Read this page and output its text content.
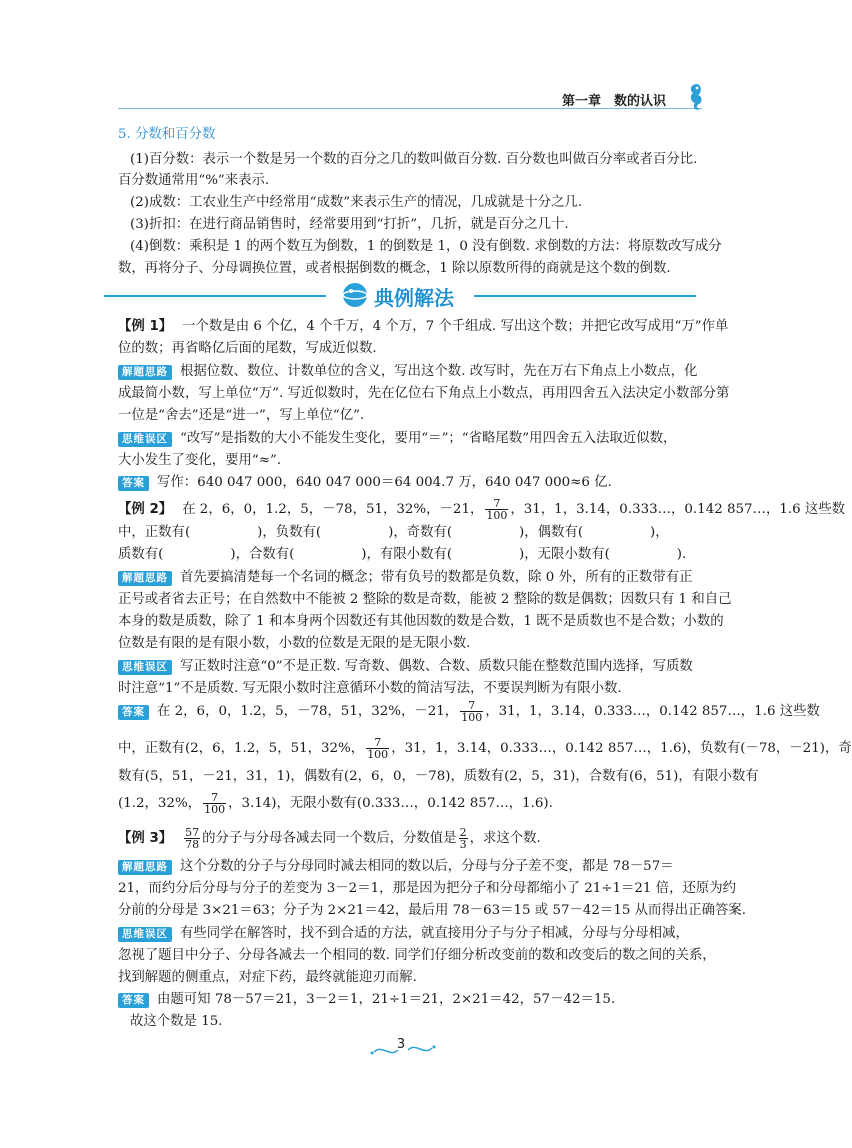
第一章　数的认识
5. 分数和百分数
(1)百分数：表示一个数是另一个数的百分之几的数叫做百分数. 百分数也叫做百分率或者百分比.
百分数通常用“%”来表示.
(2)成数：工农业生产中经常用“成数”来表示生产的情况，几成就是十分之几.
(3)折扣：在进行商品销售时，经常要用到“打折”，几折，就是百分之几十.
(4)倒数：乘积是 1 的两个数互为倒数，1 的倒数是 1，0 没有倒数. 求倒数的方法：将原数改写成分
数，再将分子、分母调换位置，或者根据倒数的概念，1 除以原数所得的商就是这个数的倒数.
典例解法
【例 1】 一个数是由 6 个亿，4 个千万，4 个万，7 个千组成. 写出这个数；并把它改写成用“万”作单
位的数；再省略亿后面的尾数，写成近似数.
解题思路 根据位数、数位、计数单位的含义，写出这个数. 改写时，先在万右下角点上小数点，化
成最简小数，写上单位“万”. 写近似数时，先在亿位右下角点上小数点，再用四舍五入法决定小数部分第
一位是“舍去”还是“进一”，写上单位“亿”.
思维误区 “改写”是指数的大小不能发生变化，要用“＝”；“省略尾数”用四舍五入法取近似数，
大小发生了变化，要用“≈”.
答案 写作：640 047 000，640 047 000＝64 004.7 万，640 047 000≈6 亿.
【例 2】 在 2，6，0，1.2，5，－78，51，32%，－21， $\frac{7}{100}$ ，31，1，3.14，0.333…，0.142 857…，1.6 这些数
中，正数有(　　　　　)，负数有(　　　　　)，奇数有(　　　　　)，偶数有(　　　　　)，
质数有(　　　　　)，合数有(　　　　　)，有限小数有(　　　　　)，无限小数有(　　　　　).
解题思路 首先要搞清楚每一个名词的概念；带有负号的数都是负数，除 0 外，所有的正数带有正
正号或者省去正号；在自然数中不能被 2 整除的数是奇数，能被 2 整除的数是偶数；因数只有 1 和自己
本身的数是质数，除了 1 和本身两个因数还有其他因数的数是合数，1 既不是质数也不是合数；小数的
位数是有限的是有限小数，小数的位数是无限的是无限小数.
思维误区 写正数时注意“0”不是正数. 写奇数、偶数、合数、质数只能在整数范围内选择，写质数
时注意“1”不是质数. 写无限小数时注意循环小数的简洁写法，不要误判断为有限小数.
答案 在 2，6，0，1.2，5，－78，51，32%，－21， $\frac{7}{100}$ ，31，1，3.14，0.333…，0.142 857…，1.6 这些数
中，正数有(2，6，1.2，5，51，32%， $\frac{7}{100}$ ，31，1，3.14，0.333…，0.142 857…，1.6)，负数有(－78，－21)，奇
数有(5，51，－21，31，1)，偶数有(2，6，0，－78)，质数有(2，5，31)，合数有(6，51)，有限小数有
(1.2，32%， $\frac{7}{100}$ ，3.14)，无限小数有(0.333…，0.142 857…，1.6).
【例 3】 $\frac{57}{78}$ 的分子与分母各减去同一个数后，分数值是 $\frac{2}{3}$ ，求这个数.
解题思路 这个分数的分子与分母同时减去相同的数以后，分母与分子差不变，都是 78－57＝
21，而约分后分母与分子的差变为 3－2＝1，那是因为把分子和分母都缩小了 21÷1＝21 倍，还原为约
分前的分母是 3×21＝63；分子为 2×21＝42，最后用 78－63＝15 或 57－42＝15 从而得出正确答案.
思维误区 有些同学在解答时，找不到合适的方法，就直接用分子与分子相减，分母与分母相减，
忽视了题目中分子、分母各减去一个相同的数. 同学们仔细分析改变前的数和改变后的数之间的关系，
找到解题的侧重点，对症下药，最终就能迎刃而解.
答案 由题可知 78－57＝21，3－2＝1，21÷1＝21，2×21＝42，57－42＝15.
故这个数是 15.
3
